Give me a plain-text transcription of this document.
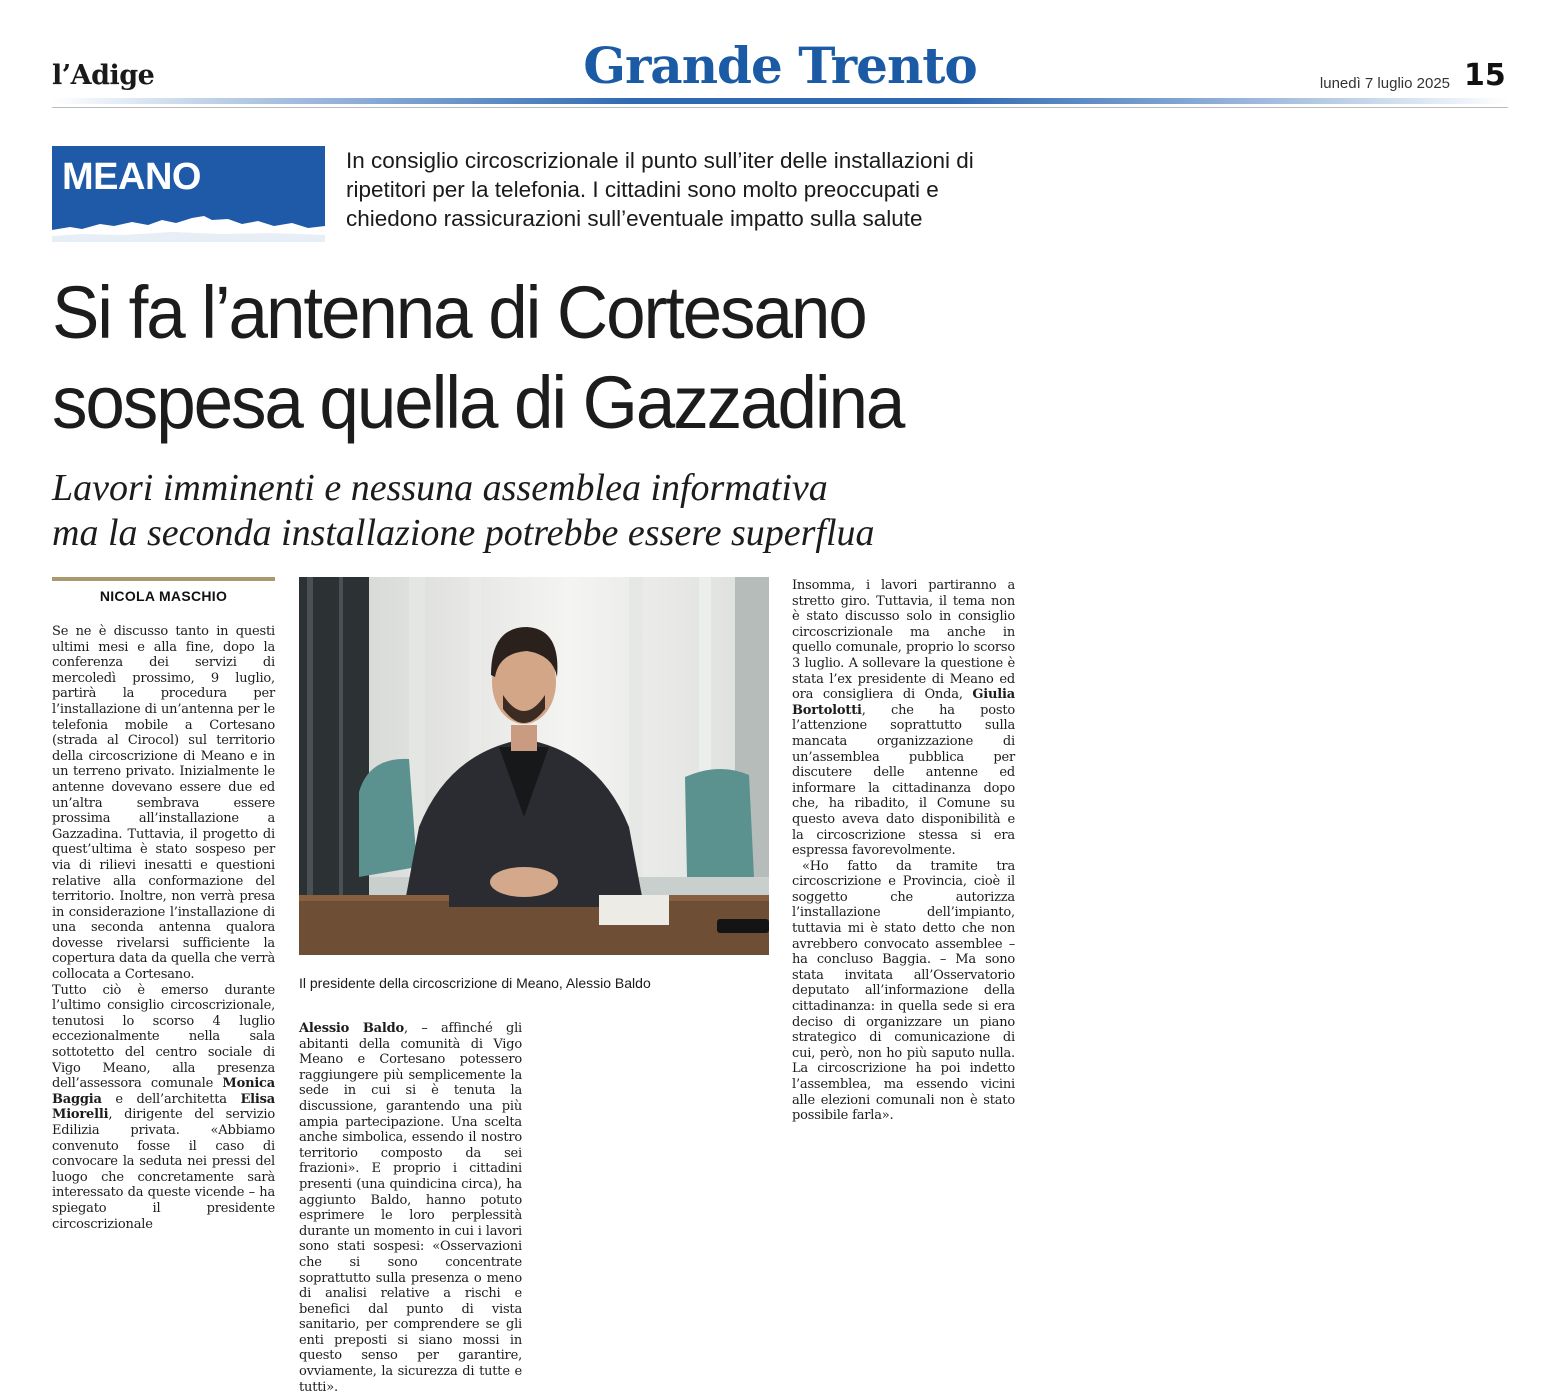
l’Adige	Grande Trento	lunedì 7 luglio 2025 15
MEANO	In consiglio circoscrizionale il punto sull’iter delle installazioni di ripetitori per la telefonia. I cittadini sono molto preoccupati e chiedono rassicurazioni sull’eventuale impatto sulla salute
Si fa l’antenna di Cortesano
sospesa quella di Gazzadina
Lavori imminenti e nessuna assemblea informativa
ma la seconda installazione potrebbe essere superflua
NICOLA MASCHIO

Se ne è discusso tanto in questi ultimi mesi e alla fine, dopo la conferenza dei servizi di mercoledì prossimo, 9 luglio, partirà la procedura per l’installazione di un’antenna per le telefonia mobile a Cortesano (strada al Cirocol) sul territorio della circoscrizione di Meano e in un terreno privato. Inizialmente le antenne dovevano essere due ed un’altra sembrava essere prossima all’installazione a Gazzadina. Tuttavia, il progetto di quest’ultima è stato sospeso per via di rilievi inesatti e questioni relative alla conformazione del territorio. Inoltre, non verrà presa in considerazione l’installazione di una seconda antenna qualora dovesse rivelarsi sufficiente la copertura data da quella che verrà collocata a Cortesano.

Tutto ciò è emerso durante l’ultimo consiglio circoscrizionale, tenutosi lo scorso 4 luglio eccezionalmente nella sala sottotetto del centro sociale di Vigo Meano, alla presenza dell’assessora comunale Monica Baggia e dell’architetta Elisa Miorelli, dirigente del servizio Edilizia privata. «Abbiamo convenuto fosse il caso di convocare la seduta nei pressi del luogo che concretamente sarà interessato da queste vicende – ha spiegato il presidente circoscrizionale

Il presidente della circoscrizione di Meano, Alessio Baldo

Alessio Baldo, – affinché gli abitanti della comunità di Vigo Meano e Cortesano potessero raggiungere più semplicemente la sede in cui si è tenuta la discussione, garantendo una più ampia partecipazione. Una scelta anche simbolica, essendo il nostro territorio composto da sei frazioni». E proprio i cittadini presenti (una quindicina circa), ha aggiunto Baldo, hanno potuto esprimere le loro perplessità durante un momento in cui i lavori sono stati sospesi: «Osservazioni che si sono concentrate soprattutto sulla presenza o meno di analisi relative a rischi e benefici dal punto di vista sanitario, per comprendere se gli enti preposti si siano mossi in questo senso per garantire, ovviamente, la sicurezza di tutte e tutti».

Insomma, i lavori partiranno a stretto giro. Tuttavia, il tema non è stato discusso solo in consiglio circoscrizionale ma anche in quello comunale, proprio lo scorso 3 luglio. A sollevare la questione è stata l’ex presidente di Meano ed ora consigliera di Onda, Giulia Bortolotti, che ha posto l’attenzione soprattutto sulla mancata organizzazione di un’assemblea pubblica per discutere delle antenne ed informare la cittadinanza dopo che, ha ribadito, il Comune su questo aveva dato disponibilità e la circoscrizione stessa si era espressa favorevolmente.

«Ho fatto da tramite tra circoscrizione e Provincia, cioè il soggetto che autorizza l’installazione dell’impianto, tuttavia mi è stato detto che non avrebbero convocato assemblee – ha concluso Baggia. – Ma sono stata invitata all’Osservatorio deputato all’informazione della cittadinanza: in quella sede si era deciso di organizzare un piano strategico di comunicazione di cui, però, non ho più saputo nulla. La circoscrizione ha poi indetto l’assemblea, ma essendo vicini alle elezioni comunali non è stato possibile farla».
